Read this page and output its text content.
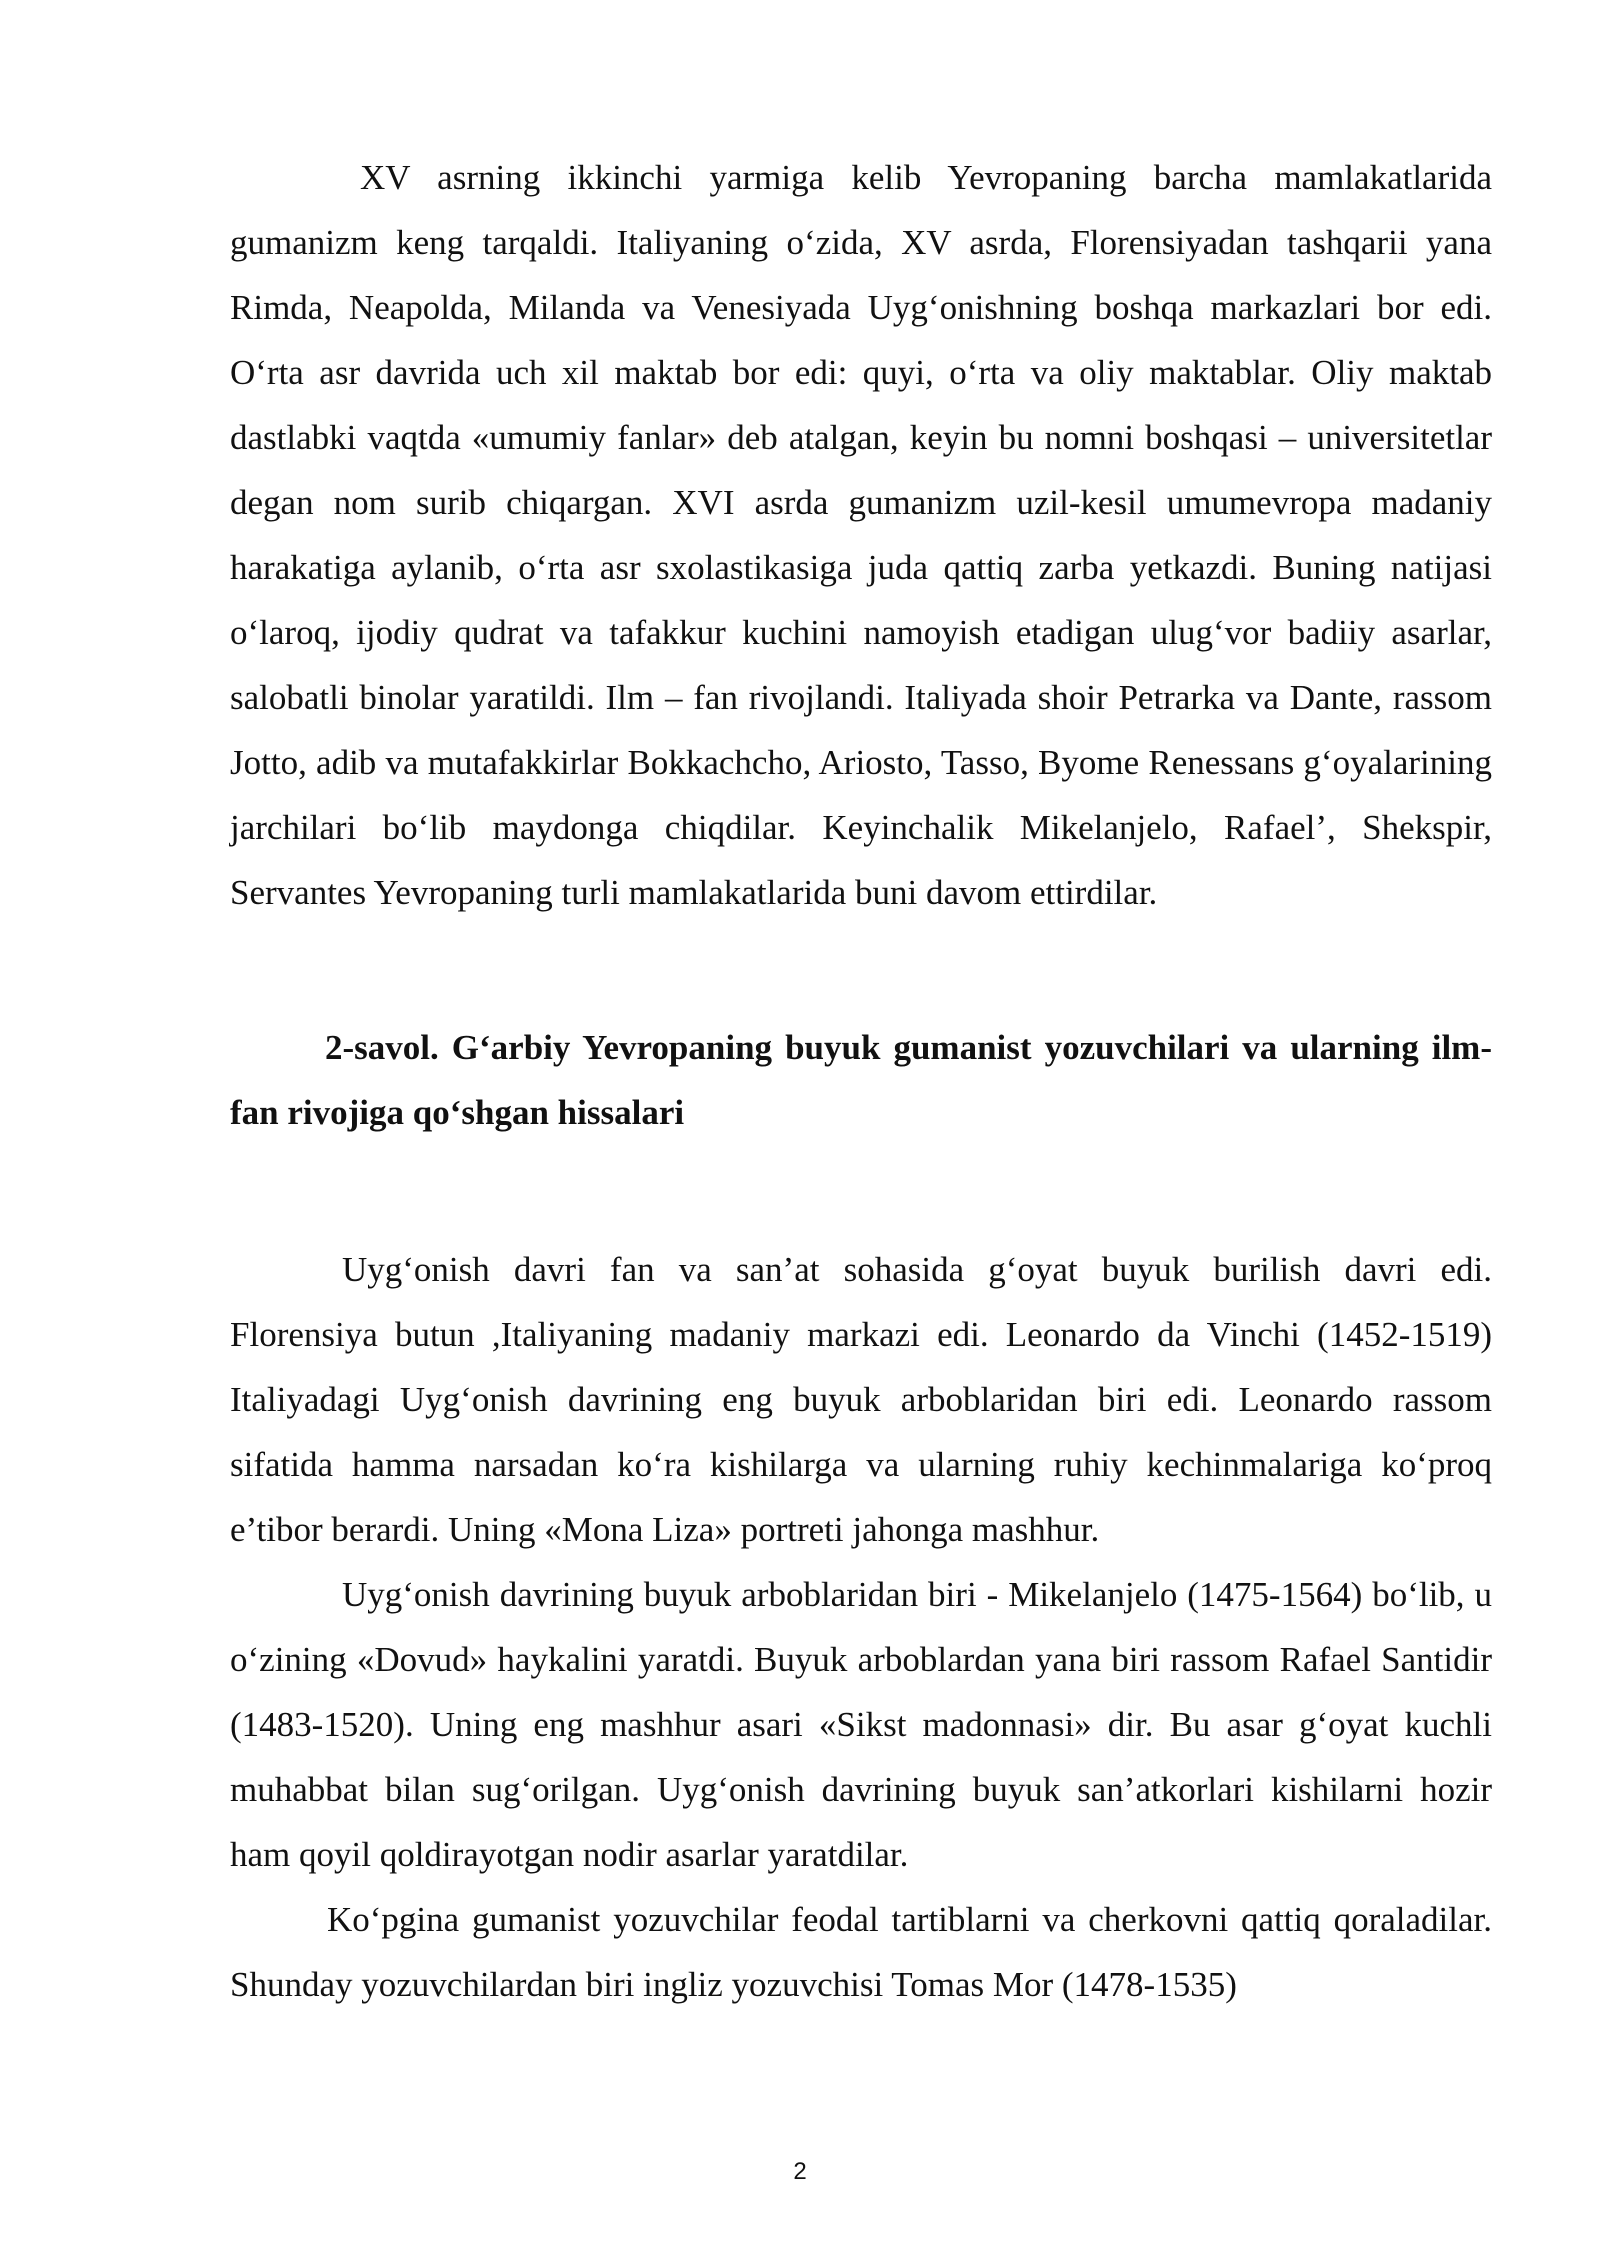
XV asrning ikkinchi yarmiga kelib Yevropaning barcha mamlakatlarida gumanizm keng tarqaldi. Italiyaning o‘zida, XV asrda, Florensiyadan tashqarii yana Rimda, Neapolda, Milanda va Venesiyada Uyg‘onishning boshqa markazlari bor edi. O‘rta asr davrida uch xil maktab bor edi: quyi, o‘rta va oliy maktablar. Oliy maktab dastlabki vaqtda «umumiy fanlar» deb atalgan, keyin bu nomni boshqasi – universitetlar degan nom surib chiqargan. XVI asrda gumanizm uzil-kesil umumevropa madaniy harakatiga aylanib, o‘rta asr sxolastikasiga juda qattiq zarba yetkazdi. Buning natijasi o‘laroq, ijodiy qudrat va tafakkur kuchini namoyish etadigan ulug‘vor badiiy asarlar, salobatli binolar yaratildi. Ilm – fan rivojlandi. Italiyada shoir Petrarka va Dante, rassom Jotto, adib va mutafakkirlar Bokkachcho, Ariosto, Tasso, Byome Renessans g‘oyalarining jarchilari bo‘lib maydonga chiqdilar. Keyinchalik Mikelanjelo, Rafael’, Shekspir, Servantes Yevropaning turli mamlakatlarida buni davom ettirdilar.

2-savol. G‘arbiy Yevropaning buyuk gumanist yozuvchilari va ularning ilm-fan rivojiga qo‘shgan hissalari

Uyg‘onish davri fan va san’at sohasida g‘oyat buyuk burilish davri edi. Florensiya butun ,Italiyaning madaniy markazi edi. Leonardo da Vinchi (1452-1519) Italiyadagi Uyg‘onish davrining eng buyuk arboblaridan biri edi. Leonardo rassom sifatida hamma narsadan ko‘ra kishilarga va ularning ruhiy kechinmalariga ko‘proq e’tibor berardi. Uning «Mona Liza» portreti jahonga mashhur.

Uyg‘onish davrining buyuk arboblaridan biri - Mikelanjelo (1475-1564) bo‘lib, u o‘zining «Dovud» haykalini yaratdi. Buyuk arboblardan yana biri rassom Rafael Santidir (1483-1520). Uning eng mashhur asari «Sikst madonnasi» dir. Bu asar g‘oyat kuchli muhabbat bilan sug‘orilgan. Uyg‘onish davrining buyuk san’atkorlari kishilarni hozir ham qoyil qoldirayotgan nodir asarlar yaratdilar.

Ko‘pgina gumanist yozuvchilar feodal tartiblarni va cherkovni qattiq qoraladilar. Shunday yozuvchilardan biri ingliz yozuvchisi Tomas Mor (1478-1535)

2
